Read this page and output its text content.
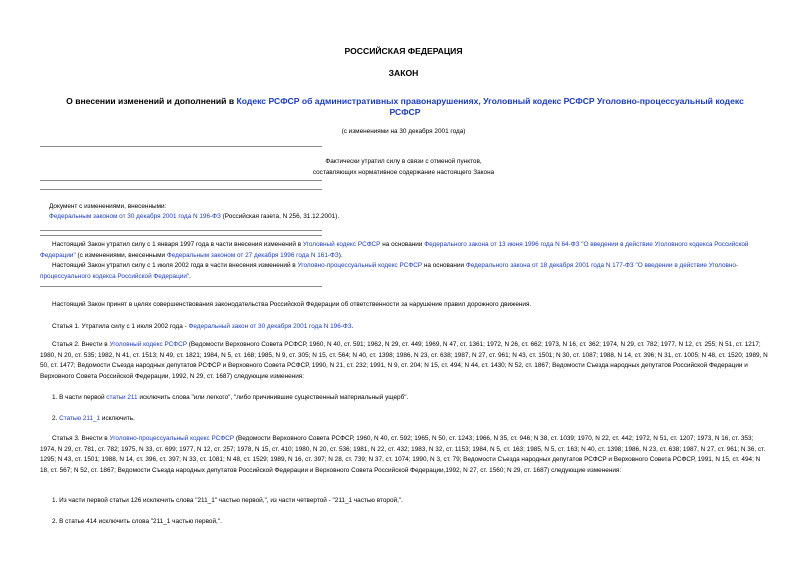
РОССИЙСКАЯ ФЕДЕРАЦИЯ
ЗАКОН
О внесении изменений и дополнений в Кодекс РСФСР об административных правонарушениях, Уголовный кодекс РСФСР Уголовно-процессуальный кодекс РСФСР
(с изменениями на 30 декабря 2001 года)
Фактически утратил силу в связи с отменой пунктов,
составляющих нормативное содержание настоящего Закона
Документ с изменениями, внесенными:
Федеральным законом от 30 декабря 2001 года N 196-ФЗ (Российская газета, N 256, 31.12.2001).
Настоящий Закон утратил силу с 1 января 1997 года в части внесения изменений в Уголовный кодекс РСФСР на основании Федерального закона от 13 июня 1996 года N 64-ФЗ "О введении в действие Уголовного кодекса Российской Федерации" (с изменениями, внесенными Федеральным законом от 27 декабря 1996 года N 161-ФЗ).
Настоящий Закон утратил силу с 1 июля 2002 года в части внесения изменений в Уголовно-процессуальный кодекс РСФСР на основании Федерального закона от 18 декабря 2001 года N 177-ФЗ "О введении в действие Уголовно-процессуального кодекса Российской Федерации".
Настоящий Закон принят в целях совершенствования законодательства Российской Федерации об ответственности за нарушение правил дорожного движения.
Статья 1. Утратила силу с 1 июля 2002 года - Федеральный закон от 30 декабря 2001 года N 196-ФЗ.
Статья 2. Внести в Уголовный кодекс РСФСР (Ведомости Верховного Совета РСФСР, 1960, N 40, ст. 591; 1962, N 29, ст. 449; 1969, N 47, ст. 1361; 1972, N 26, ст. 662; 1973, N 16, ст. 362; 1974, N 29, ст. 782; 1977, N 12, ст. 255; N 51, ст. 1217; 1980, N 20, ст. 535; 1982, N 41, ст. 1513; N 49, ст. 1821; 1984, N 5, ст. 168; 1985, N 9, ст. 305; N 15, ст. 564; N 40, ст. 1398; 1986, N 23, ст. 638; 1987, N 27, ст. 961; N 43, ст. 1501; N 30, ст. 1087; 1988, N 14, ст. 396; N 31, ст. 1005; N 48, ст. 1520; 1989, N 50, ст. 1477; Ведомости Съезда народных депутатов РСФСР и Верховного Совета РСФСР, 1990, N 21, ст. 232; 1991, N 9, ст. 204; N 15, ст. 494; N 44, ст. 1430; N 52, ст. 1867; Ведомости Съезда народных депутатов Российской Федерации и Верховного Совета Российской Федерации, 1992, N 29, ст. 1687) следующие изменения:
1. В части первой статьи 211 исключить слова "или легкого", "либо причинившие существенный материальный ущерб".
2. Статью 211_1 исключить.
Статья 3. Внести в Уголовно-процессуальный кодекс РСФСР (Ведомости Верховного Совета РСФСР, 1960, N 40, ст. 592; 1965, N 50, ст. 1243; 1966, N 35, ст. 946; N 38, ст. 1039; 1970, N 22, ст. 442; 1972, N 51, ст. 1207; 1973, N 16, ст. 353; 1974, N 29, ст. 781, ст. 782; 1975, N 33, ст. 699; 1977, N 12, ст. 257; 1978, N 15, ст. 410; 1980, N 20, ст. 536; 1981, N 22, ст. 432; 1983, N 32, ст. 1153; 1984, N 5, ст. 163; 1985, N 5, ст. 163; N 40, ст. 1398; 1986, N 23, ст. 638; 1987, N 27, ст. 961; N 36, ст. 1295; N 43, ст. 1501; 1988, N 14, ст. 396, ст. 397; N 33, ст. 1081; N 48, ст. 1529; 1989, N 16, ст. 397; N 28, ст. 739; N 37, ст. 1074; 1990, N 3, ст. 79; Ведомости Съезда народных депутатов РСФСР и Верховного Совета РСФСР, 1991, N 15, ст. 494; N 18, ст. 567; N 52, ст. 1867; Ведомости Съезда народных депутатов Российской Федерации и Верховного Совета Российской Федерации,1992, N 27, ст. 1560; N 29, ст. 1687) следующие изменения:
1. Из части первой статьи 126 исключить слова "211_1" частью первой,", из части четвертой - "211_1 частью второй,".
2. В статье 414 исключить слова "211_1 частью первой,".
